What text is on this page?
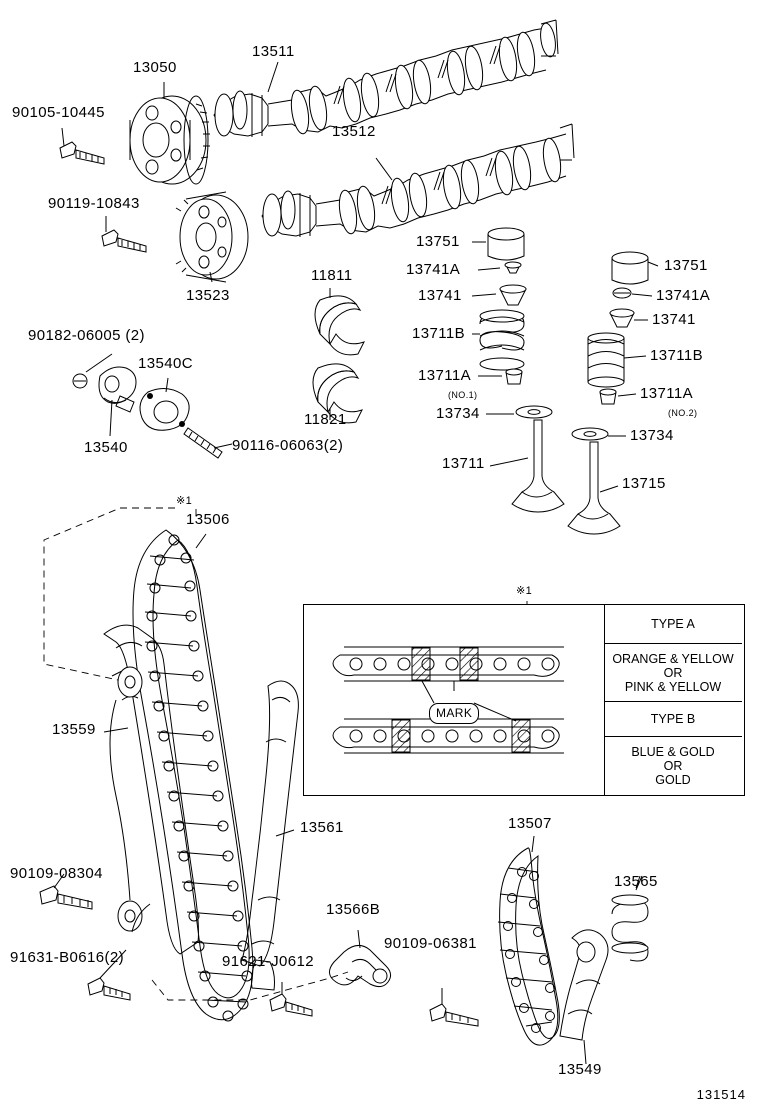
MARK
TYPE A
ORANGE & YELLOW
OR
PINK & YELLOW
TYPE B
BLUE & GOLD
OR
GOLD
13050
13511
13512
90105-10445
90119-10843
13523
11811
11821
90182-06005 (2)
13540C
13540	90116-06063(2)
13751
13741A
13741
13711B
13711A
(NO.1)
13734
13711
13751
13741A
13741
13711B
13711A
(NO.2)
13734
13715
13506
13559
13561
90109-08304
91631-B0616(2)	91621-J0612
13566B
90109-06381
13507
13565
13549
※1
※1
131514
